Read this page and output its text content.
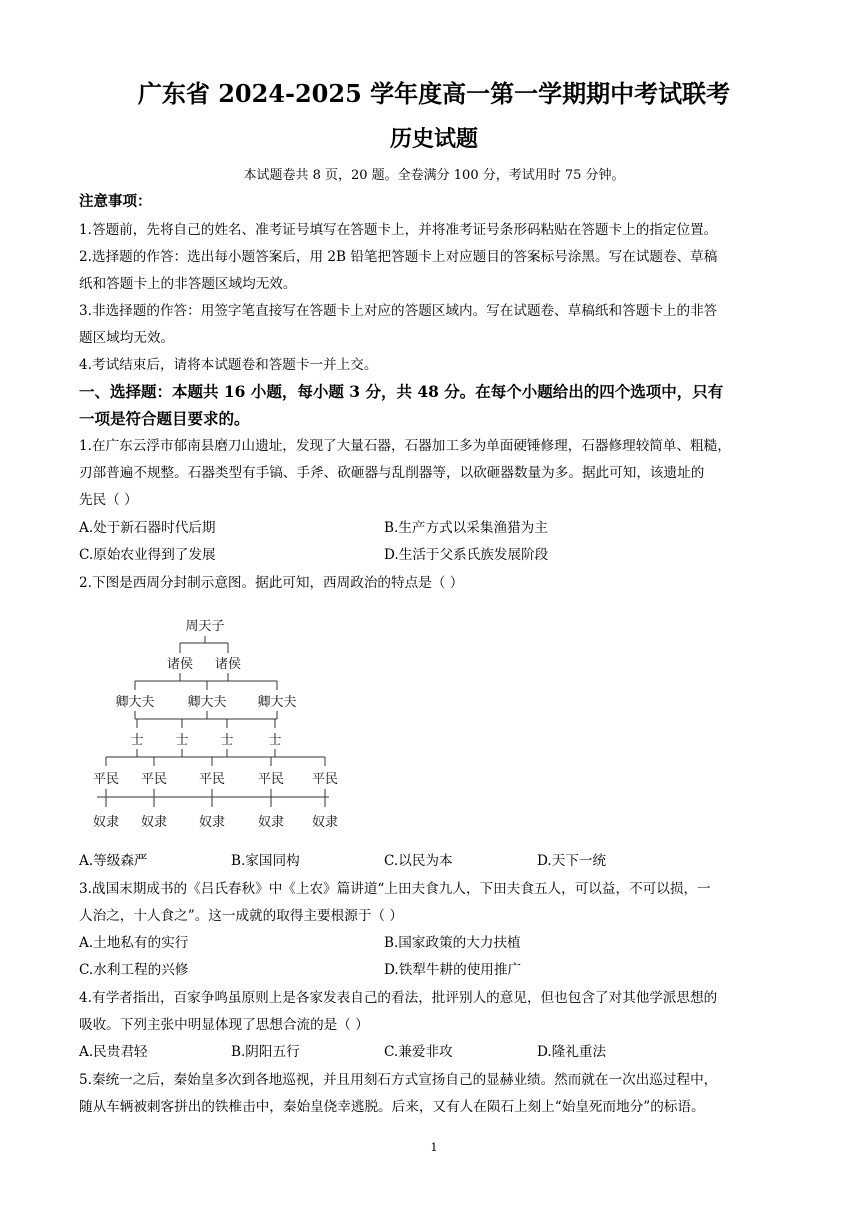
广东省 2024-2025 学年度高一第一学期期中考试联考
历史试题
本试题卷共 8 页，20 题。全卷满分 100 分，考试用时 75 分钟。
注意事项：
1.答题前，先将自己的姓名、准考证号填写在答题卡上，并将准考证号条形码粘贴在答题卡上的指定位置。
2.选择题的作答：选出每小题答案后，用 2B 铅笔把答题卡上对应题目的答案标号涂黑。写在试题卷、草稿
纸和答题卡上的非答题区域均无效。
3.非选择题的作答：用签字笔直接写在答题卡上对应的答题区域内。写在试题卷、草稿纸和答题卡上的非答
题区域均无效。
4.考试结束后，请将本试题卷和答题卡一并上交。
一、选择题：本题共 16 小题，每小题 3 分，共 48 分。在每个小题给出的四个选项中，只有
一项是符合题目要求的。
1.在广东云浮市郁南县磨刀山遗址，发现了大量石器，石器加工多为单面硬锤修理，石器修理较简单、粗糙，
刃部普遍不规整。石器类型有手镐、手斧、砍砸器与乱削器等，以砍砸器数量为多。据此可知，该遗址的
先民（ ）
A.处于新石器时代后期	B.生产方式以采集渔猎为主
C.原始农业得到了发展	D.生活于父系氏族发展阶段
2.下图是西周分封制示意图。据此可知，西周政治的特点是（ ）
周天子
诸侯 诸侯
卿大夫	卿大夫 卿大夫
士 士 士	士
平民 平民 平民	平民 平民
奴隶 奴隶 奴隶	奴隶 奴隶
A.等级森严	B.家国同构	C.以民为本	D.天下一统
3.战国末期成书的《吕氏春秋》中《上农》篇讲道“上田夫食九人，下田夫食五人，可以益，不可以损，一
人治之，十人食之”。这一成就的取得主要根源于（ ）
A.土地私有的实行	B.国家政策的大力扶植
C.水利工程的兴修	D.铁犁牛耕的使用推广
4.有学者指出，百家争鸣虽原则上是各家发表自己的看法，批评别人的意见，但也包含了对其他学派思想的
吸收。下列主张中明显体现了思想合流的是（ ）
A.民贵君轻	B.阴阳五行	C.兼爱非攻	D.隆礼重法
5.秦统一之后，秦始皇多次到各地巡视，并且用刻石方式宣扬自己的显赫业绩。然而就在一次出巡过程中，
随从车辆被刺客拼出的铁椎击中，秦始皇侥幸逃脱。后来，又有人在陨石上刻上“始皇死而地分”的标语。
1
